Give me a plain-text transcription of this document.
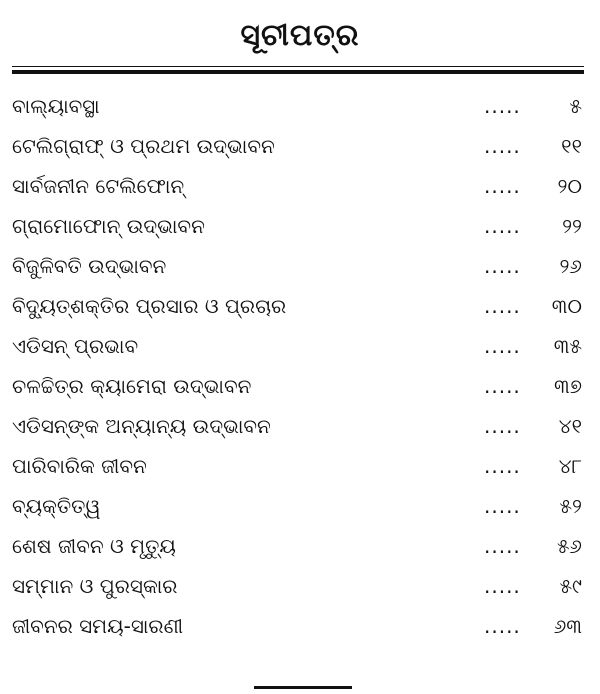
ସୂଚୀପତ୍ର
ବାଲ୍ୟାବସ୍ଥା	..... ୫
ଟେଲିଗ୍ରାଫ୍ ଓ ପ୍ରଥମ ଉଦ୍ଭାବନ	..... ୧୧
ସାର୍ବଜନୀନ ଟେଲିଫୋନ୍	..... ୨୦
ଗ୍ରାମୋଫୋନ୍ ଉଦ୍ଭାବନ	..... ୨୨
ବିଜୁଳିବତି ଉଦ୍ଭାବନ	..... ୨୬
ବିଦ୍ୟୁତ୍‌ଶକ୍ତିର ପ୍ରସାର ଓ ପ୍ରଚାର	..... ୩୦
ଏଡିସନ୍ ପ୍ରଭାବ	..... ୩୫
ଚଳଚ୍ଚିତ୍ର କ୍ୟାମେରା ଉଦ୍ଭାବନ	..... ୩୭
ଏଡିସନ୍‌ଙ୍କ ଅନ୍ୟାନ୍ୟ ଉଦ୍ଭାବନ	..... ୪୧
ପାରିବାରିକ ଜୀବନ	..... ୪୮
ବ୍ୟକ୍ତିତ୍ୱ	..... ୫୨
ଶେଷ ଜୀବନ ଓ ମୃତ୍ୟୁ	..... ୫୬
ସମ୍ମାନ ଓ ପୁରସ୍କାର	..... ୫୯
ଜୀବନର ସମୟ-ସାରଣୀ	..... ୬୩
